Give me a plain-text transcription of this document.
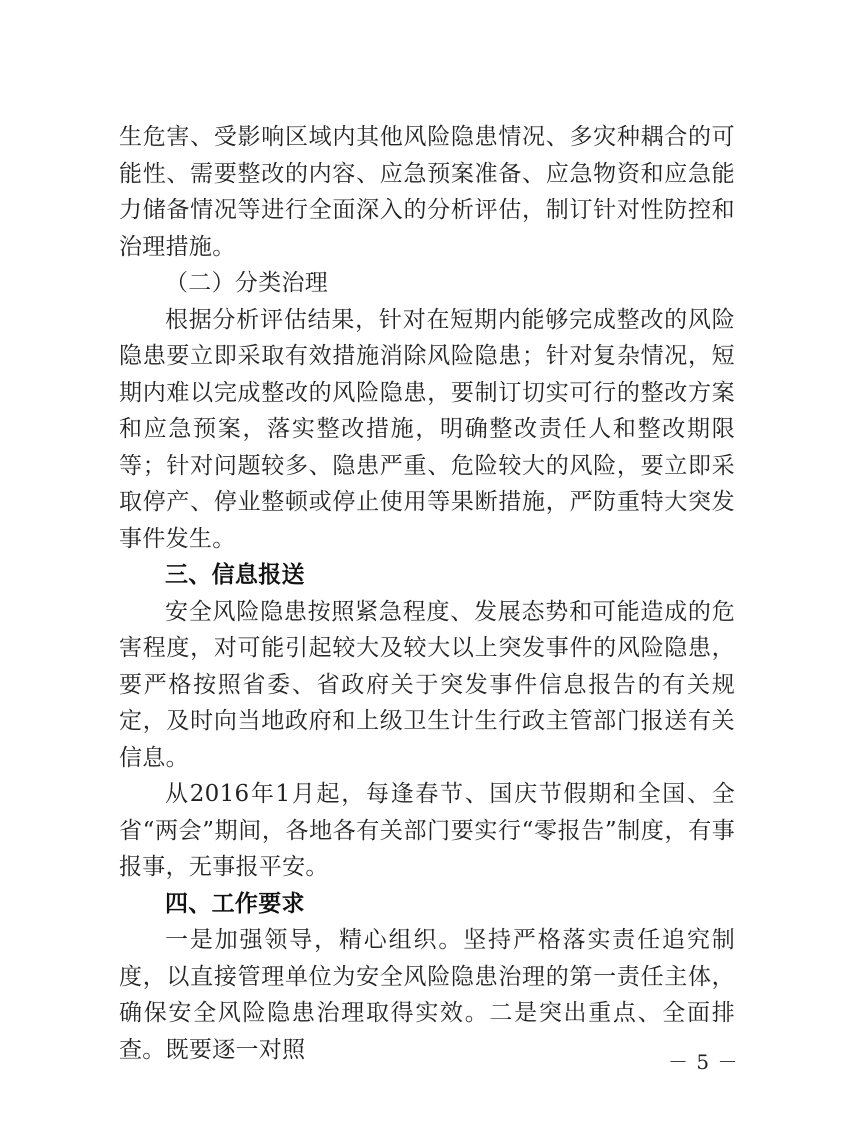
生危害、受影响区域内其他风险隐患情况、多灾种耦合的可能性、需要整改的内容、应急预案准备、应急物资和应急能力储备情况等进行全面深入的分析评估，制订针对性防控和治理措施。

（二）分类治理

根据分析评估结果，针对在短期内能够完成整改的风险隐患要立即采取有效措施消除风险隐患；针对复杂情况，短期内难以完成整改的风险隐患，要制订切实可行的整改方案和应急预案，落实整改措施，明确整改责任人和整改期限等；针对问题较多、隐患严重、危险较大的风险，要立即采取停产、停业整顿或停止使用等果断措施，严防重特大突发事件发生。

三、信息报送

安全风险隐患按照紧急程度、发展态势和可能造成的危害程度，对可能引起较大及较大以上突发事件的风险隐患，要严格按照省委、省政府关于突发事件信息报告的有关规定，及时向当地政府和上级卫生计生行政主管部门报送有关信息。

从2016年1月起，每逢春节、国庆节假期和全国、全省“两会”期间，各地各有关部门要实行“零报告”制度，有事报事，无事报平安。

四、工作要求

一是加强领导，精心组织。坚持严格落实责任追究制度，以直接管理单位为安全风险隐患治理的第一责任主体，确保安全风险隐患治理取得实效。二是突出重点、全面排查。既要逐一对照	－ 5 －
